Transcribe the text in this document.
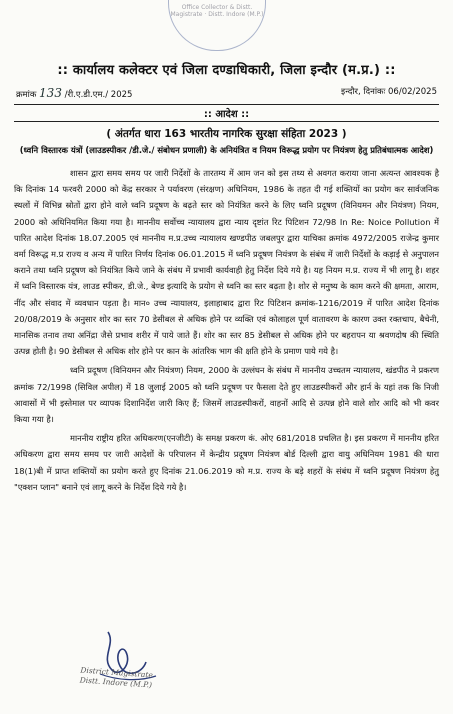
Office Collector & Distt. Magistrate · Distt. Indore (M.P.)
:: कार्यालय कलेक्टर एवं जिला दण्डाधिकारी, जिला इन्दौर (म.प्र.) ::
क्रमांक 133 /री.ए.डी.एम./ 2025	इन्दौर, दिनांकः 06/02/2025
:: आदेश ::
( अंतर्गत धारा 163 भारतीय नागरिक सुरक्षा संहिता 2023 )
(ध्वनि विस्तारक यंत्रों (लाउडस्पीकर /डी.जे./ संबोधन प्रणाली) के अनियंत्रित व नियम विरूद्ध प्रयोग पर नियंत्रण हेतु प्रतिबंधात्मक आदेश)

शासन द्वारा समय समय पर जारी निर्देशों के तारतम्य में आम जन को इस तथ्य से अवगत कराया जाना अत्यन्त आवश्यक है कि दिनांक 14 फरवरी 2000 को केंद्र सरकार ने पर्यावरण (संरक्षण) अधिनियम, 1986 के तहत दी गई शक्तियों का प्रयोग कर सार्वजनिक स्थलों में विभिन्न स्रोतों द्वारा होने वाले ध्वनि प्रदूषण के बढ़ते स्तर को नियंत्रित करने के लिए ध्वनि प्रदूषण (विनियमन और नियंत्रण) नियम, 2000 को अधिनियमित किया गया है। माननीय सर्वोच्च न्यायालय द्वारा न्याय दृष्टांत रिट पिटिशन 72/98 In Re: Noice Pollution में पारित आदेश दिनांक 18.07.2005 एवं माननीय म.प्र.उच्च न्यायालय खण्डपीठ जबलपुर द्वारा याचिका क्रमांक 4972/2005 राजेन्द्र कुमार वर्मा विरूद्ध म.प्र राज्य व अन्य में पारित निर्णय दिनांक 06.01.2015 में ध्वनि प्रदूषण नियंत्रण के संबंध में जारी निर्देशों के कड़ाई से अनुपालन कराने तथा ध्वनि प्रदूषण को नियंत्रित किये जाने के संबंध में प्रभावी कार्यवाही हेतु निर्देश दिये गये है। यह नियम म.प्र. राज्य में भी लागू है। शहर में ध्वनि विस्तारक यंत्र, लाउड स्पीकर, डी.जे., बेण्ड इत्यादि के प्रयोग से ध्वनि का स्तर बढ़ता है। शोर से मनुष्य के काम करने की क्षमता, आराम, नींद और संवाद में व्यवधान पड़ता है। मान० उच्च न्यायालय, इलाहाबाद द्वारा रिट पिटिशन क्रमांक-1216/2019 में पारित आदेश दिनांक 20/08/2019 के अनुसार शोर का स्तर 70 डेसीबल से अधिक होने पर व्यक्ति एवं कोलाहल पूर्ण वातावरण के कारण उक्त रक्तचाप, बैचेनी, मानसिक तनाव तथा अनिंद्रा जैसे प्रभाव शरीर में पाये जाते हैं। शोर का स्तर 85 डेसीबल से अधिक होने पर बहरापन या श्रवणदोष की स्थिति उत्पन्न होती है। 90 डेसीबल से अधिक शोर होने पर कान के आंतरिक भाग की क्षति होने के प्रमाण पाये गये है।

ध्वनि प्रदूषण (विनियमन और नियंत्रण) नियम, 2000 के उल्लंघन के संबंध में माननीय उच्चतम न्यायालय, खंडपीठ ने प्रकरण क्रमांक 72/1998 (सिविल अपील) में 18 जुलाई 2005 को ध्वनि प्रदूषण पर फैसला देते हुए लाउडस्पीकरों और हार्न के यहां तक कि निजी आवासों में भी इस्तेमाल पर व्यापक दिशानिर्देश जारी किए हैं; जिसमें लाउडस्पीकरों, वाहनों आदि से उत्पन्न होने वाले शोर आदि को भी कवर किया गया है।

माननीय राष्ट्रीय हरित अधिकरण(एनजीटी) के समक्ष प्रकरण कं. ओए 681/2018 प्रचलित है। इस प्रकरण में माननीय हरित अधिकरण द्वारा समय समय पर जारी आदेशों के परिपालन में केन्द्रीय प्रदूषण नियंत्रण बोर्ड दिल्ली द्वारा वायु अधिनियम 1981 की धारा 18(1)बी में प्राप्त शक्तियों का प्रयोग करते हुए दिनांक 21.06.2019 को म.प्र. राज्य के बड़े शहरों के संबंध में ध्वनि प्रदूषण नियंत्रण हेतु "एक्शन प्लान" बनाने एवं लागू करने के निर्देश दिये गये है।

District Magistrate
Distt. Indore (M.P.)
